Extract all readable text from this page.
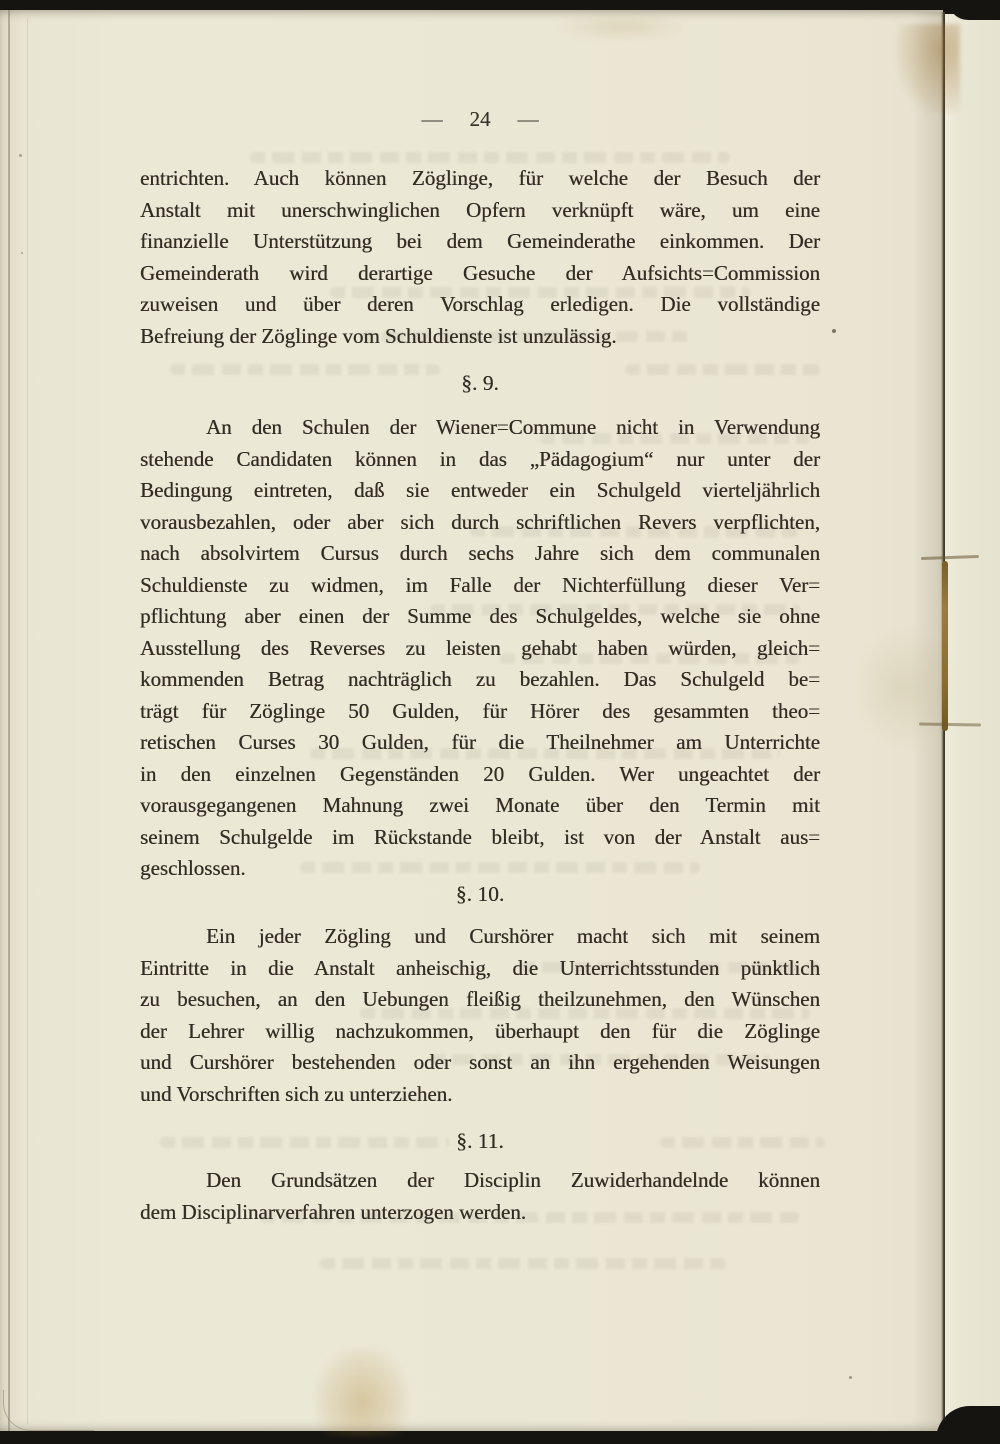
— 24 —
entrichten. Auch können Zöglinge, für welche der Besuch der
Anstalt mit unerschwinglichen Opfern verknüpft wäre, um eine
finanzielle Unterstützung bei dem Gemeinderathe einkommen. Der
Gemeinderath wird derartige Gesuche der Aufsichts=Commission
zuweisen und über deren Vorschlag erledigen. Die vollständige
Befreiung der Zöglinge vom Schuldienste ist unzulässig.
§. 9.
An den Schulen der Wiener=Commune nicht in Verwendung
stehende Candidaten können in das „Pädagogium“ nur unter der
Bedingung eintreten, daß sie entweder ein Schulgeld vierteljährlich
vorausbezahlen, oder aber sich durch schriftlichen Revers verpflichten,
nach absolvirtem Cursus durch sechs Jahre sich dem communalen
Schuldienste zu widmen, im Falle der Nichterfüllung dieser Ver=
pflichtung aber einen der Summe des Schulgeldes, welche sie ohne
Ausstellung des Reverses zu leisten gehabt haben würden, gleich=
kommenden Betrag nachträglich zu bezahlen. Das Schulgeld be=
trägt für Zöglinge 50 Gulden, für Hörer des gesammten theo=
retischen Curses 30 Gulden, für die Theilnehmer am Unterrichte
in den einzelnen Gegenständen 20 Gulden. Wer ungeachtet der
vorausgegangenen Mahnung zwei Monate über den Termin mit
seinem Schulgelde im Rückstande bleibt, ist von der Anstalt aus=
geschlossen.
§. 10.
Ein jeder Zögling und Curshörer macht sich mit seinem
Eintritte in die Anstalt anheischig, die Unterrichtsstunden pünktlich
zu besuchen, an den Uebungen fleißig theilzunehmen, den Wünschen
der Lehrer willig nachzukommen, überhaupt den für die Zöglinge
und Curshörer bestehenden oder sonst an ihn ergehenden Weisungen
und Vorschriften sich zu unterziehen.
§. 11.
Den Grundsätzen der Disciplin Zuwiderhandelnde können
dem Disciplinarverfahren unterzogen werden.
